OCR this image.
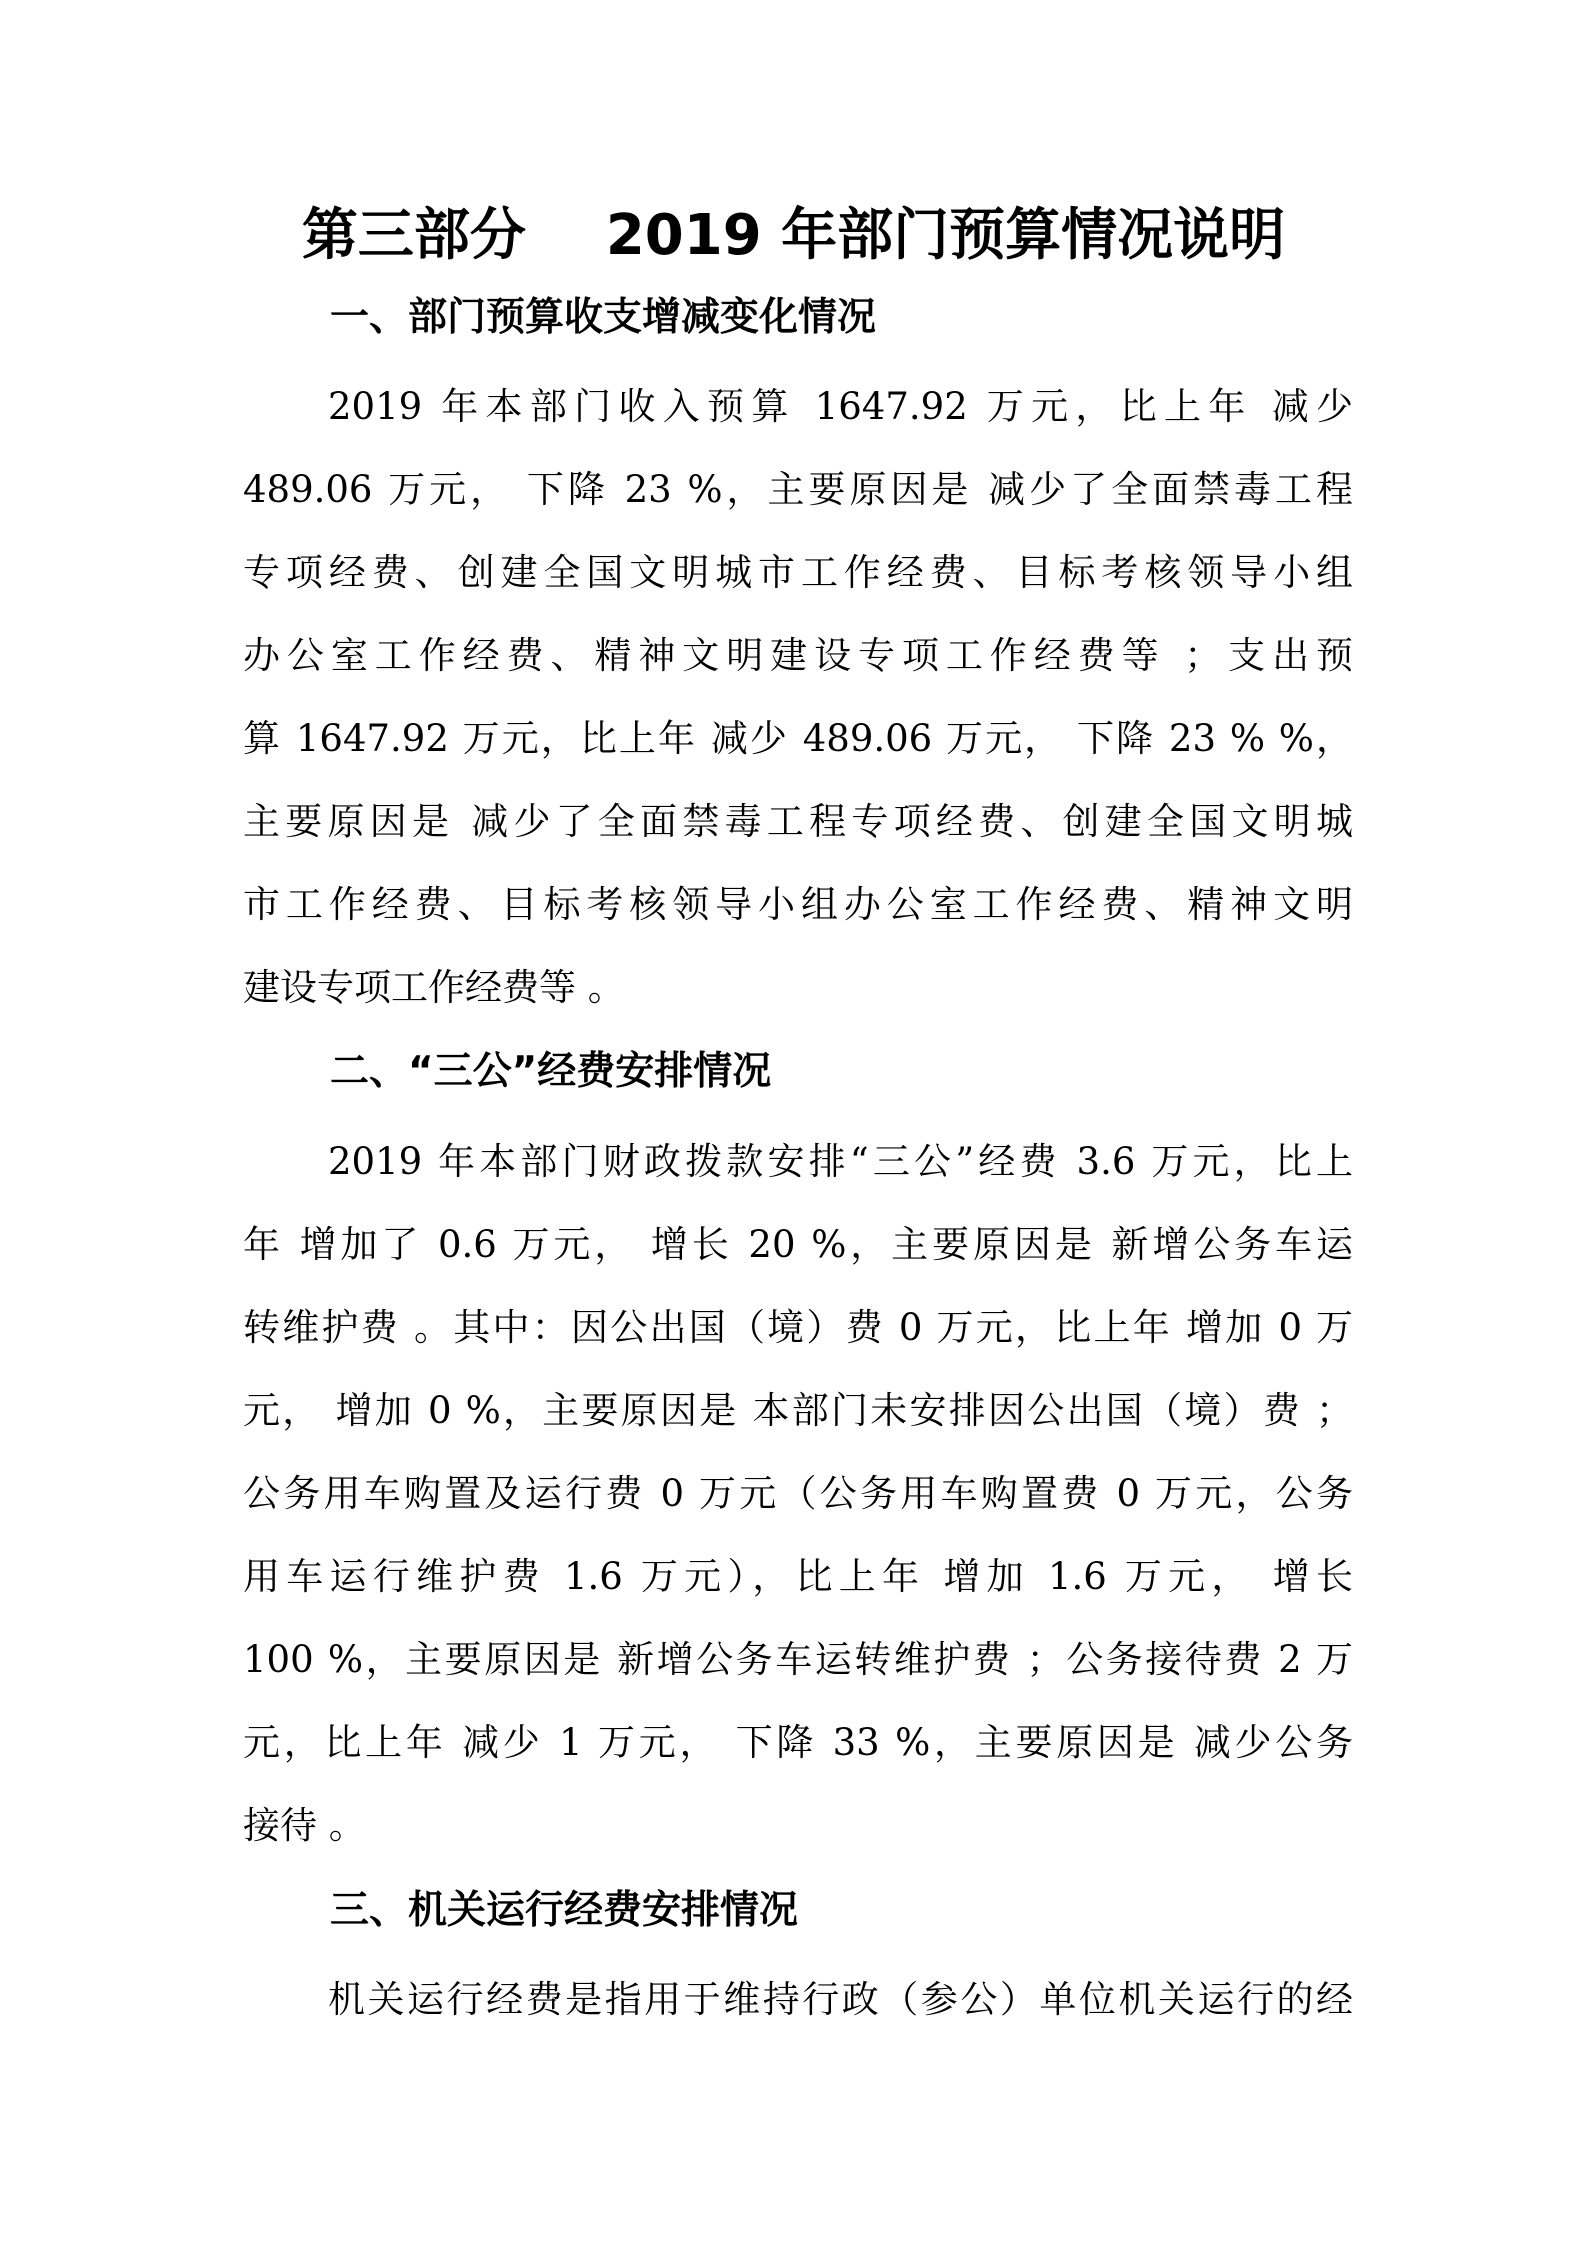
第三部分 2019 年部门预算情况说明
一、部门预算收支增减变化情况
2019 年本部门收入预算 1647.92 万元，比上年 减少
489.06 万元， 下降 23 %，主要原因是 减少了全面禁毒工程
专项经费、创建全国文明城市工作经费、目标考核领导小组
办公室工作经费、精神文明建设专项工作经费等 ；支出预
算 1647.92 万元，比上年 减少 489.06 万元， 下降 23 % %，
主要原因是 减少了全面禁毒工程专项经费、创建全国文明城
市工作经费、目标考核领导小组办公室工作经费、精神文明
建设专项工作经费等 。
二、“三公”经费安排情况
2019 年本部门财政拨款安排“三公”经费 3.6 万元，比上
年 增加了 0.6 万元， 增长 20 %，主要原因是 新增公务车运
转维护费 。其中：因公出国（境）费 0 万元，比上年 增加 0 万
元， 增加 0 %，主要原因是 本部门未安排因公出国（境）费 ；
公务用车购置及运行费 0 万元（公务用车购置费 0 万元，公务
用车运行维护费 1.6 万元），比上年 增加 1.6 万元， 增长
100 %，主要原因是 新增公务车运转维护费 ；公务接待费 2 万
元，比上年 减少 1 万元， 下降 33 %，主要原因是 减少公务
接待 。
三、机关运行经费安排情况
机关运行经费是指用于维持行政（参公）单位机关运行的经
